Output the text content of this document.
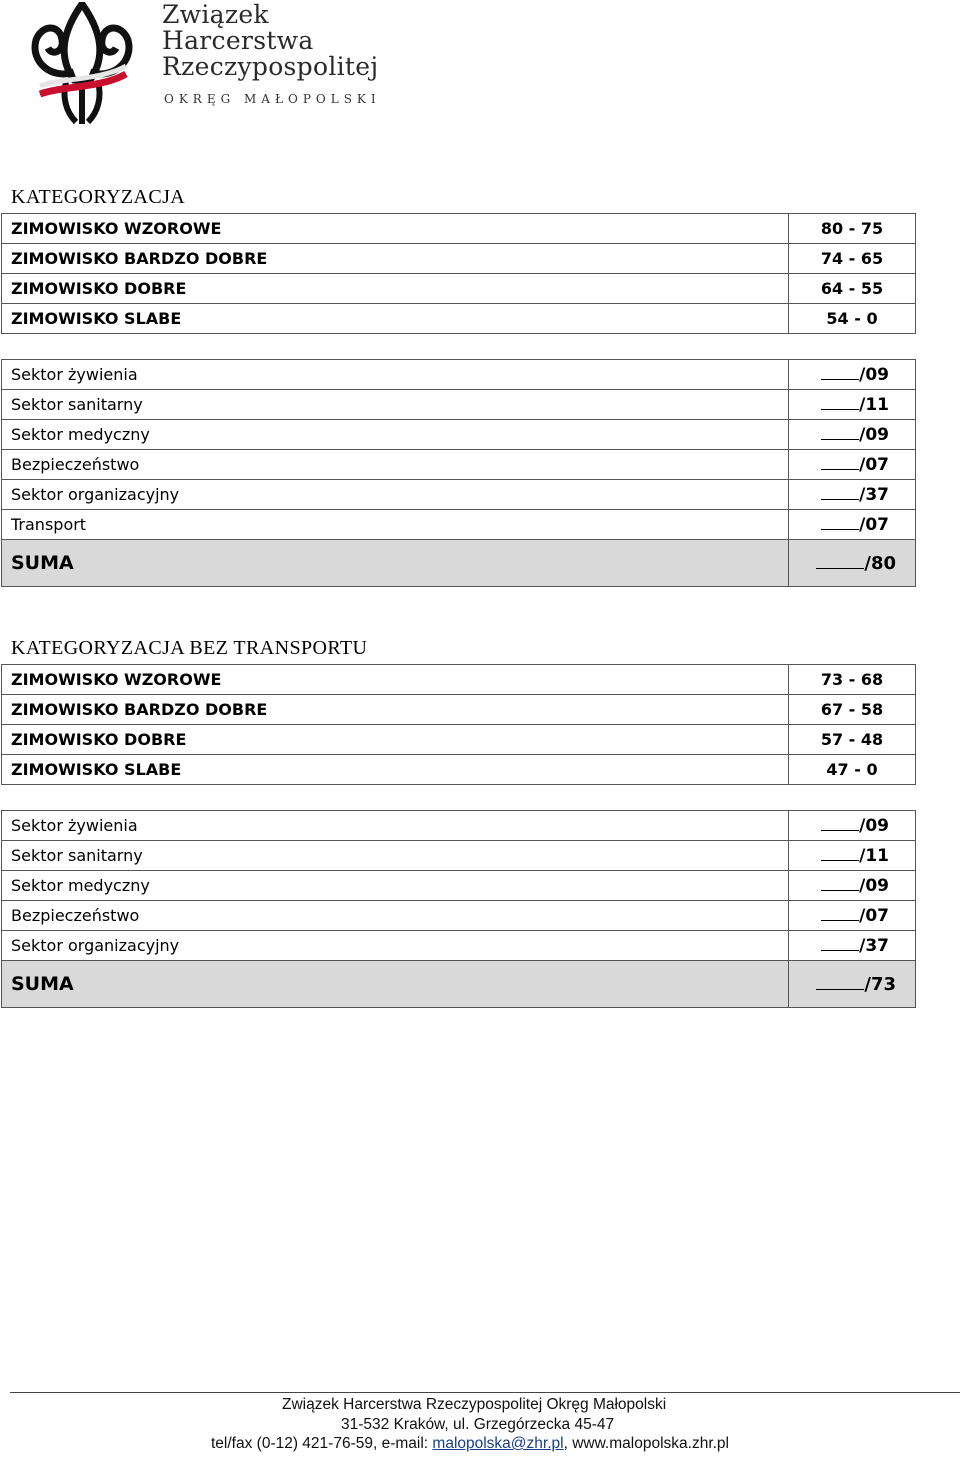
Związek
Harcerstwa
Rzeczypospolitej
OKRĘG MAŁOPOLSKI
KATEGORYZACJA
ZIMOWISKO WZOROWE	80 - 75
ZIMOWISKO BARDZO DOBRE	74 - 65
ZIMOWISKO DOBRE	64 - 55
ZIMOWISKO SLABE	54 - 0
Sektor żywienia	/09
Sektor sanitarny	/11
Sektor medyczny	/09
Bezpieczeństwo	/07
Sektor organizacyjny	/37
Transport	/07
SUMA	/80
KATEGORYZACJA BEZ TRANSPORTU
ZIMOWISKO WZOROWE	73 - 68
ZIMOWISKO BARDZO DOBRE	67 - 58
ZIMOWISKO DOBRE	57 - 48
ZIMOWISKO SLABE	47 - 0
Sektor żywienia	/09
Sektor sanitarny	/11
Sektor medyczny	/09
Bezpieczeństwo	/07
Sektor organizacyjny	/37
SUMA	/73
Związek Harcerstwa Rzeczypospolitej Okręg Małopolski
31-532 Kraków, ul. Grzegórzecka 45-47
tel/fax (0-12) 421-76-59, e-mail: malopolska@zhr.pl, www.malopolska.zhr.pl
